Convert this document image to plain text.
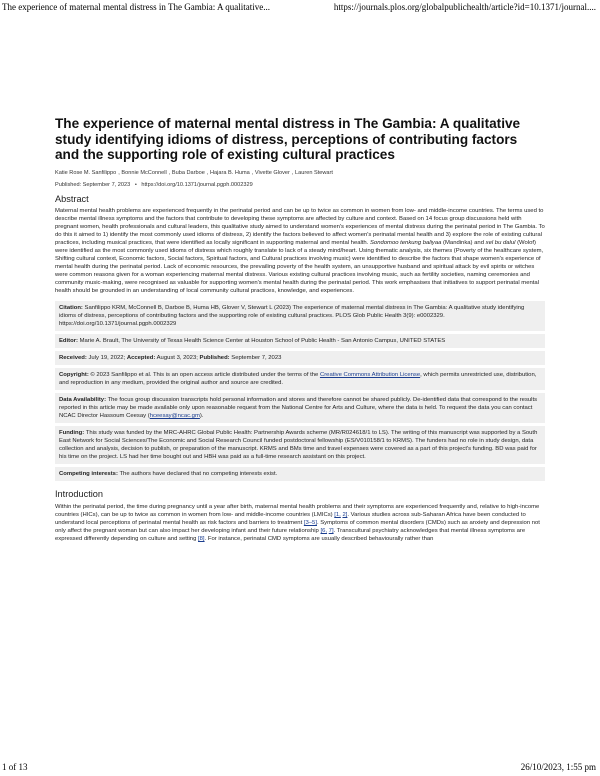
The experience of maternal mental distress in The Gambia: A qualitative...	https://journals.plos.org/globalpublichealth/article?id=10.1371/journal....
The experience of maternal mental distress in The Gambia: A qualitative study identifying idioms of distress, perceptions of contributing factors and the supporting role of existing cultural practices
Katie Rose M. Sanfilippo , Bonnie McConnell , Buba Darboe , Hajara B. Huma , Vivette Glover , Lauren Stewart
Published: September 7, 2023 • https://doi.org/10.1371/journal.pgph.0002329
Abstract

Maternal mental health problems are experienced frequently in the perinatal period and can be up to twice as common in women from low- and middle-income countries. The terms used to describe mental illness symptoms and the factors that contribute to developing these symptoms are affected by culture and context. Based on 14 focus group discussions held with pregnant women, health professionals and cultural leaders, this qualitative study aimed to understand women's experiences of mental distress during the perinatal period in The Gambia. To do this it aimed to 1) identify the most commonly used idioms of distress, 2) identify the factors believed to affect women's perinatal mental health and 3) explore the role of existing cultural practices, including musical practices, that were identified as locally significant in supporting maternal and mental health. Sondomoo tenkung baliyaa (Mandinka) and xel bu dalul (Wolof) were identified as the most commonly used idioms of distress which roughly translate to lack of a steady mind/heart. Using thematic analysis, six themes (Poverty of the healthcare system, Shifting cultural context, Economic factors, Social factors, Spiritual factors, and Cultural practices involving music) were identified to describe the factors that shape women's experience of mental health during the perinatal period. Lack of economic resources, the prevailing poverty of the health system, an unsupportive husband and spiritual attack by evil spirits or witches were common reasons given for a woman experiencing maternal mental distress. Various existing cultural practices involving music, such as fertility societies, naming ceremonies and community music-making, were recognised as valuable for supporting women's mental health during the perinatal period. This work emphasises that initiatives to support perinatal mental health should be grounded in an understanding of local community cultural practices, knowledge, and experiences.

Citation: Sanfilippo KRM, McConnell B, Darboe B, Huma HB, Glover V, Stewart L (2023) The experience of maternal mental distress in The Gambia: A qualitative study identifying idioms of distress, perceptions of contributing factors and the supporting role of existing cultural practices. PLOS Glob Public Health 3(9): e0002329. https://doi.org/10.1371/journal.pgph.0002329

Editor: Marie A. Brault, The University of Texas Health Science Center at Houston School of Public Health - San Antonio Campus, UNITED STATES

Received: July 19, 2022; Accepted: August 3, 2023; Published: September 7, 2023

Copyright: © 2023 Sanfilippo et al. This is an open access article distributed under the terms of the Creative Commons Attribution License, which permits unrestricted use, distribution, and reproduction in any medium, provided the original author and source are credited.

Data Availability: The focus group discussion transcripts hold personal information and stores and therefore cannot be shared publicly. De-identified data that correspond to the results reported in this article may be made available only upon reasonable request from the National Centre for Arts and Culture, where the data is held. To request the data you can contact NCAC Director Hassoum Ceesay (hceesay@ncac.gm).

Funding: This study was funded by the MRC-AHRC Global Public Health: Partnership Awards scheme (MR/R024618/1 to LS). The writing of this manuscript was supported by a South East Network for Social Sciences/The Economic and Social Research Council funded postdoctoral fellowship (ES/V010158/1 to KRMS). The funders had no role in study design, data collection and analysis, decision to publish, or preparation of the manuscript. KRMS and BMs time and travel expenses were covered as a part of this project's funding. BD was paid for his time on the project. LS had her time bought out and HBH was paid as a full-time research assistant on this project.

Competing interests: The authors have declared that no competing interests exist.

Introduction

Within the perinatal period, the time during pregnancy until a year after birth, maternal mental health problems and their symptoms are experienced frequently and, relative to high-income countries (HICs), can be up to twice as common in women from low- and middle-income countries (LMICs) [1, 2]. Various studies across sub-Saharan Africa have been conducted to understand local perceptions of perinatal mental health as risk factors and barriers to treatment [3–5]. Symptoms of common mental disorders (CMDs) such as anxiety and depression not only affect the pregnant woman but can also impact her developing infant and their future relationship [6, 7]. Transcultural psychiatry acknowledges that mental illness symptoms are expressed differently depending on culture and setting [8]. For instance, perinatal CMD symptoms are usually described behaviourally rather than

1 of 13	26/10/2023, 1:55 pm
